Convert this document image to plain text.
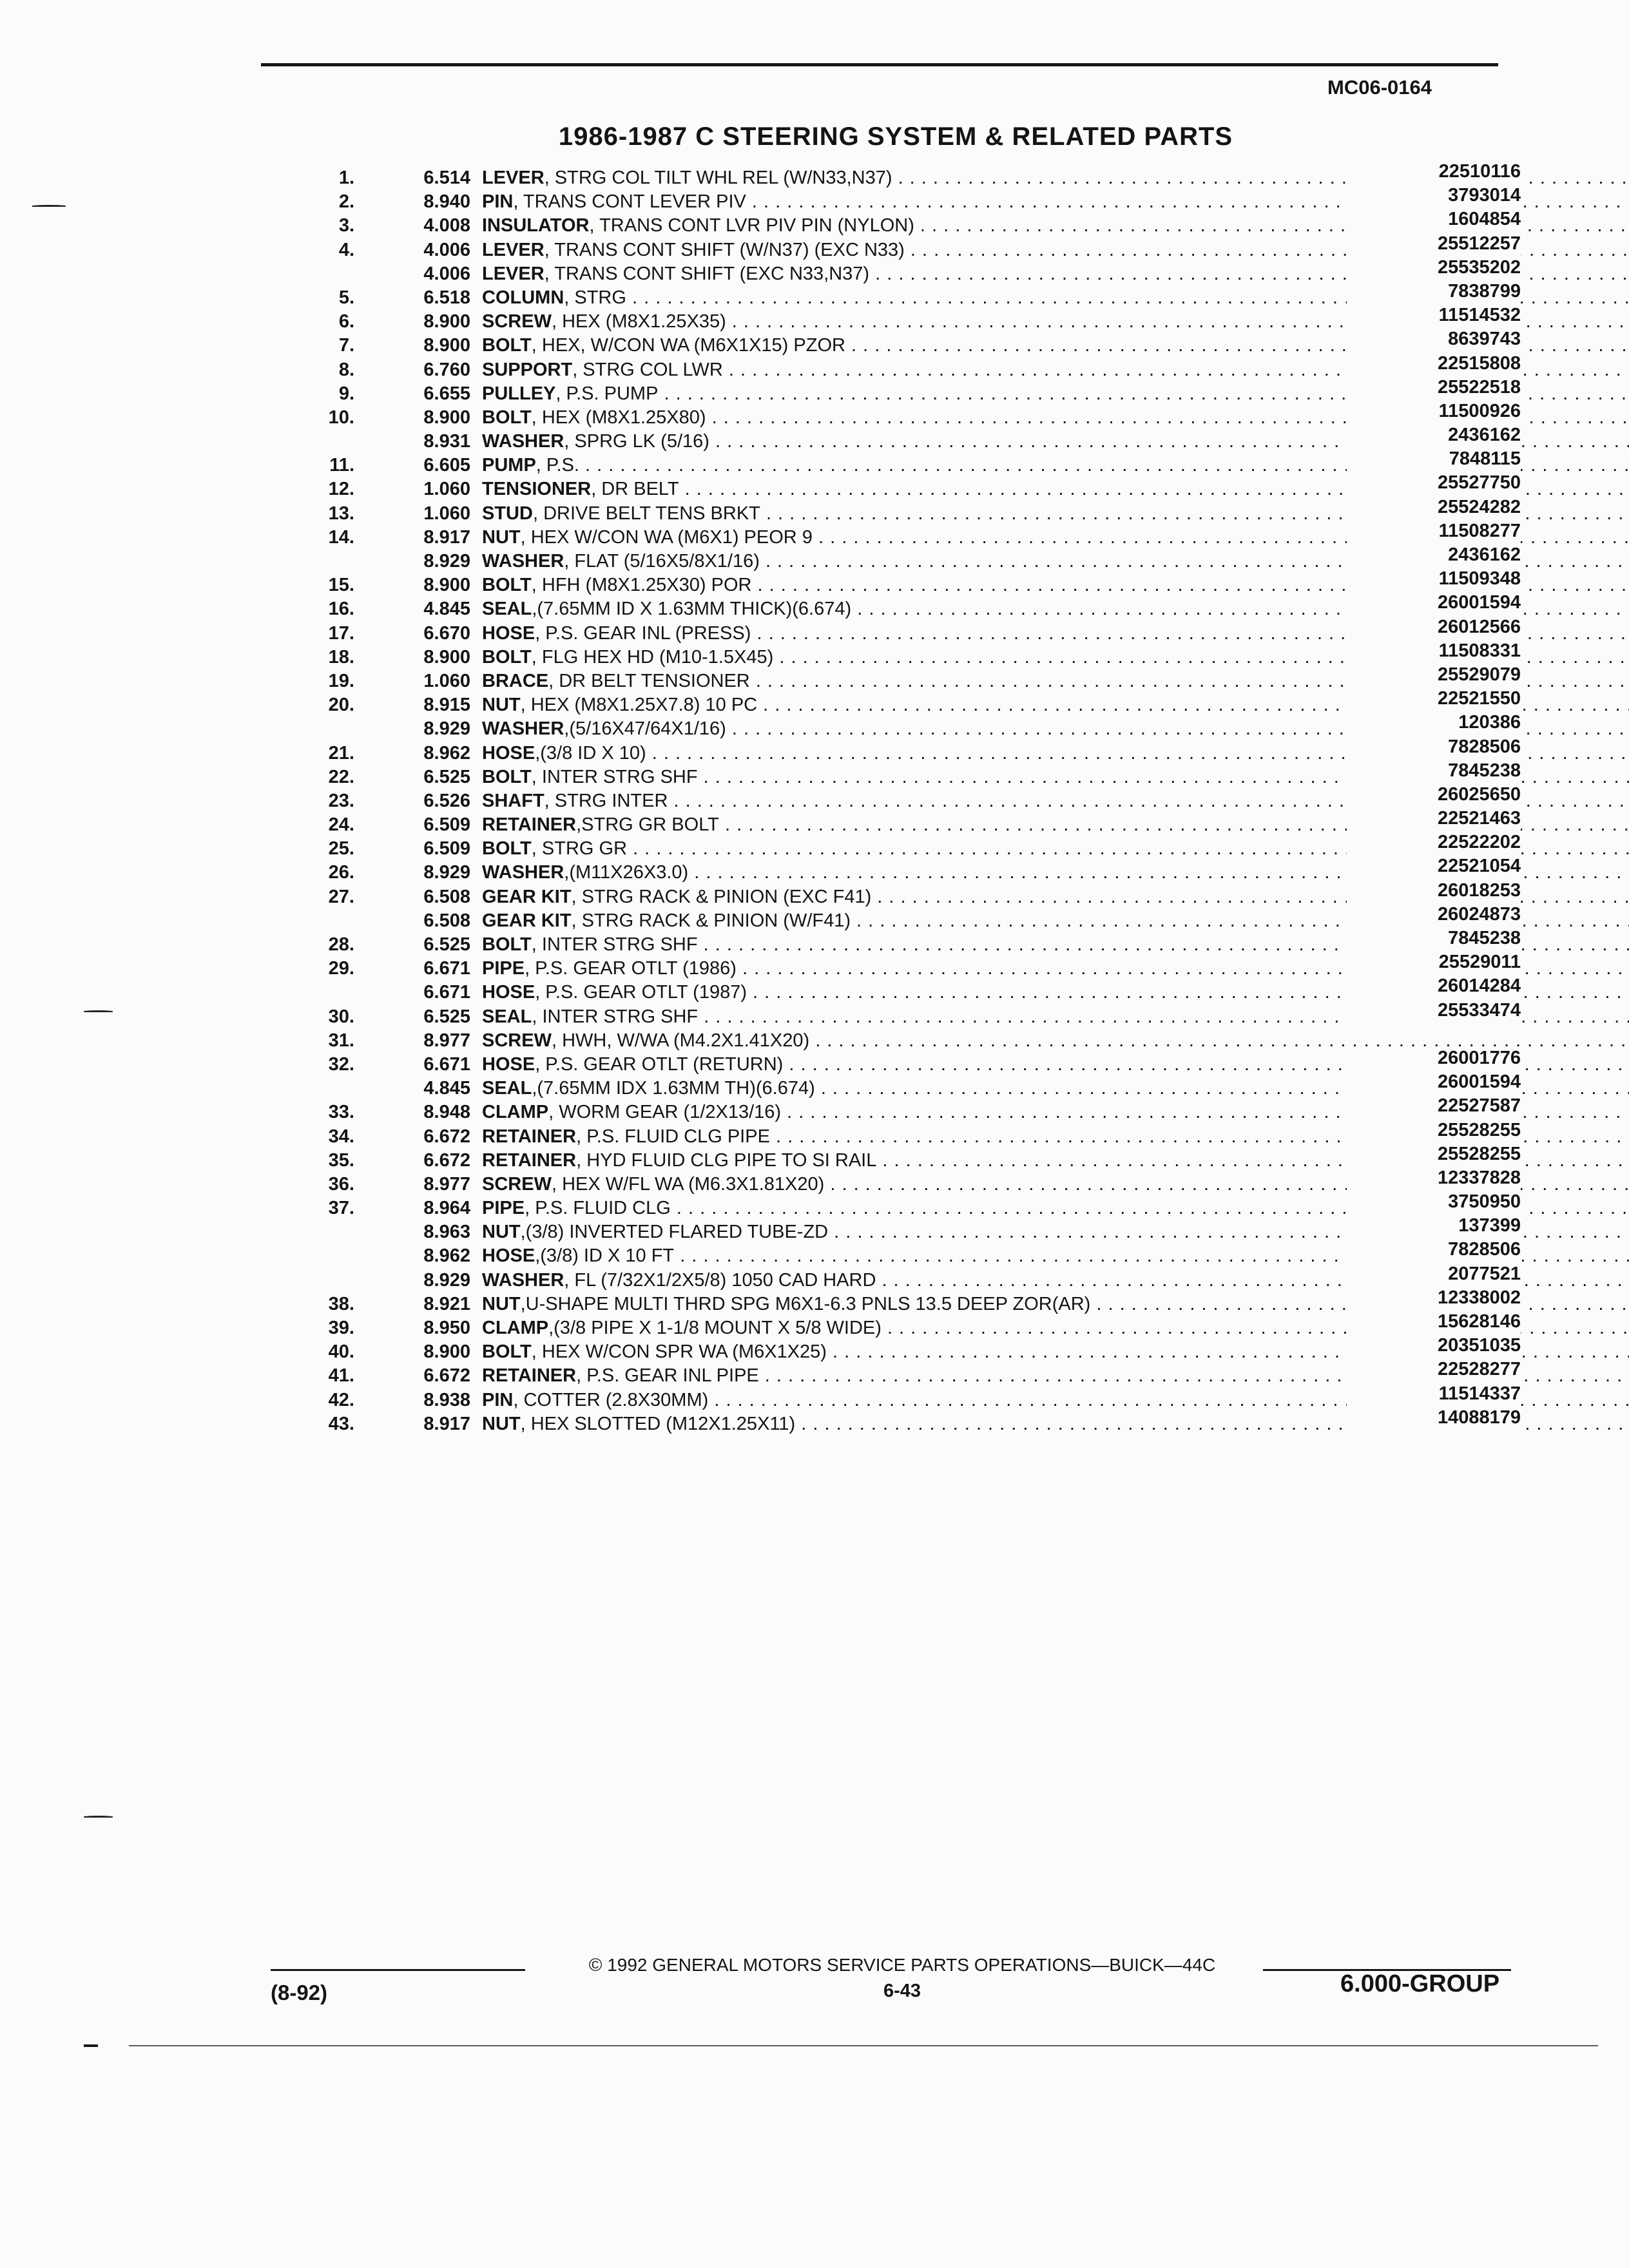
MC06-0164
1986-1987 C STEERING SYSTEM & RELATED PARTS
1.	6.514 LEVER, STRG COL TILT WHL REL (W/N33,N37) . . .	22510116
2.	8.940 PIN, TRANS CONT LEVER PIV . . .	3793014
3.	4.008 INSULATOR, TRANS CONT LVR PIV PIN (NYLON) . . .	1604854
4.	4.006 LEVER, TRANS CONT SHIFT (W/N37) (EXC N33) . . .	25512257
4.006 LEVER, TRANS CONT SHIFT (EXC N33,N37) . . .	25535202
5.	6.518 COLUMN, STRG . . .	7838799
6.	8.900 SCREW, HEX (M8X1.25X35) . . .	11514532
7.	8.900 BOLT, HEX, W/CON WA (M6X1X15) PZOR . . .	8639743
8.	6.760 SUPPORT, STRG COL LWR . . .	22515808
9.	6.655 PULLEY, P.S. PUMP . . .	25522518
10.	8.900 BOLT, HEX (M8X1.25X80) . . .	11500926
8.931 WASHER, SPRG LK (5/16) . . .	2436162
11.	6.605 PUMP, P.S. . . .	7848115
12.	1.060 TENSIONER, DR BELT . . .	25527750
13.	1.060 STUD, DRIVE BELT TENS BRKT . . .	25524282
14.	8.917 NUT, HEX W/CON WA (M6X1) PEOR 9 . . .	11508277
8.929 WASHER, FLAT (5/16X5/8X1/16) . . .	2436162
15.	8.900 BOLT, HFH (M8X1.25X30) POR . . .	11509348
16.	4.845 SEAL,(7.65MM ID X 1.63MM THICK)(6.674) . . .	26001594
17.	6.670 HOSE, P.S. GEAR INL (PRESS) . . .	26012566
18.	8.900 BOLT, FLG HEX HD (M10-1.5X45) . . .	11508331
19.	1.060 BRACE, DR BELT TENSIONER . . .	25529079
20.	8.915 NUT, HEX (M8X1.25X7.8) 10 PC . . .	22521550
8.929 WASHER,(5/16X47/64X1/16) . . .	120386
21.	8.962 HOSE,(3/8 ID X 10) . . .	7828506
22.	6.525 BOLT, INTER STRG SHF . . .	7845238
23.	6.526 SHAFT, STRG INTER . . .	26025650
24.	6.509 RETAINER,STRG GR BOLT . . .	22521463
25.	6.509 BOLT, STRG GR . . .	22522202
26.	8.929 WASHER,(M11X26X3.0) . . .	22521054
27.	6.508 GEAR KIT, STRG RACK & PINION (EXC F41) . . .	26018253
6.508 GEAR KIT, STRG RACK & PINION (W/F41) . . .	26024873
28.	6.525 BOLT, INTER STRG SHF . . .	7845238
29.	6.671 PIPE, P.S. GEAR OTLT (1986) . . .	25529011
6.671 HOSE, P.S. GEAR OTLT (1987) . . .	26014284
30.	6.525 SEAL, INTER STRG SHF . . .	25533474
31.	8.977 SCREW, HWH, W/WA (M4.2X1.41X20) . . .
32.	6.671 HOSE, P.S. GEAR OTLT (RETURN) . . .	26001776
4.845 SEAL,(7.65MM IDX 1.63MM TH)(6.674) . . .	26001594
33.	8.948 CLAMP, WORM GEAR (1/2X13/16) . . .	22527587
34.	6.672 RETAINER, P.S. FLUID CLG PIPE . . .	25528255
35.	6.672 RETAINER, HYD FLUID CLG PIPE TO SI RAIL . . .	25528255
36.	8.977 SCREW, HEX W/FL WA (M6.3X1.81X20) . . .	12337828
37.	8.964 PIPE, P.S. FLUID CLG . . .	3750950
8.963 NUT,(3/8) INVERTED FLARED TUBE-ZD . . .	137399
8.962 HOSE,(3/8) ID X 10 FT . . .	7828506
8.929 WASHER, FL (7/32X1/2X5/8) 1050 CAD HARD . . .	2077521
38.	8.921 NUT,U-SHAPE MULTI THRD SPG M6X1-6.3 PNLS 13.5 DEEP ZOR(AR) . . .	12338002
39.	8.950 CLAMP,(3/8 PIPE X 1-1/8 MOUNT X 5/8 WIDE) . . .	15628146
40.	8.900 BOLT, HEX W/CON SPR WA (M6X1X25) . . .	20351035
41.	6.672 RETAINER, P.S. GEAR INL PIPE . . .	22528277
42.	8.938 PIN, COTTER (2.8X30MM) . . .	11514337
43.	8.917 NUT, HEX SLOTTED (M12X1.25X11) . . .	14088179
© 1992 GENERAL MOTORS SERVICE PARTS OPERATIONS—BUICK—44C
6-43
(8-92)	6.000-GROUP
